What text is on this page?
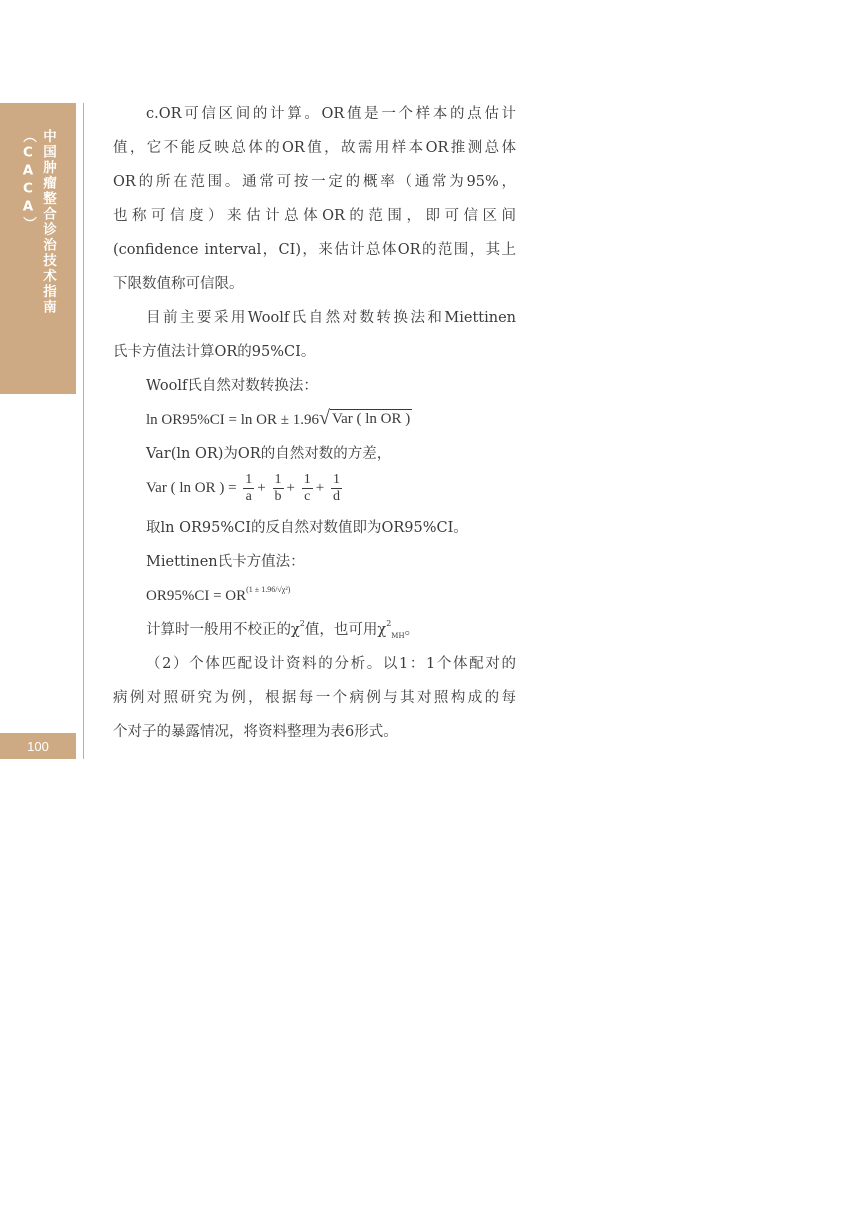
中国肿瘤整合诊治技术指南（CACA）
100
c.OR可信区间的计算。OR值是一个样本的点估计
值，它不能反映总体的OR值，故需用样本OR推测总体
OR的所在范围。通常可按一定的概率（通常为95%，
也称可信度）来估计总体OR的范围，即可信区间
(confidence interval，CI)，来估计总体OR的范围，其上
下限数值称可信限。
目前主要采用Woolf氏自然对数转换法和Miettinen
氏卡方值法计算OR的95%CI。
Woolf氏自然对数转换法：
ln OR95%CI = ln OR ± 1.96 √ Var ( ln OR )
Var(ln OR)为OR的自然对数的方差，
Var ( ln OR ) = $\frac{1}{a} + \frac{1}{b} + \frac{1}{c} + \frac{1}{d}$
取ln OR95%CI的反自然对数值即为OR95%CI。
Miettinen氏卡方值法：
$OR95\%CI = OR^{(1 \pm 1.96/√\chi^2)}$
计算时一般用不校正的$\chi^2$值，也可用$\chi^2_{MH}$。
（2）个体匹配设计资料的分析。以1：1个体配对的
病例对照研究为例，根据每一个病例与其对照构成的每
个对子的暴露情况，将资料整理为表6形式。
